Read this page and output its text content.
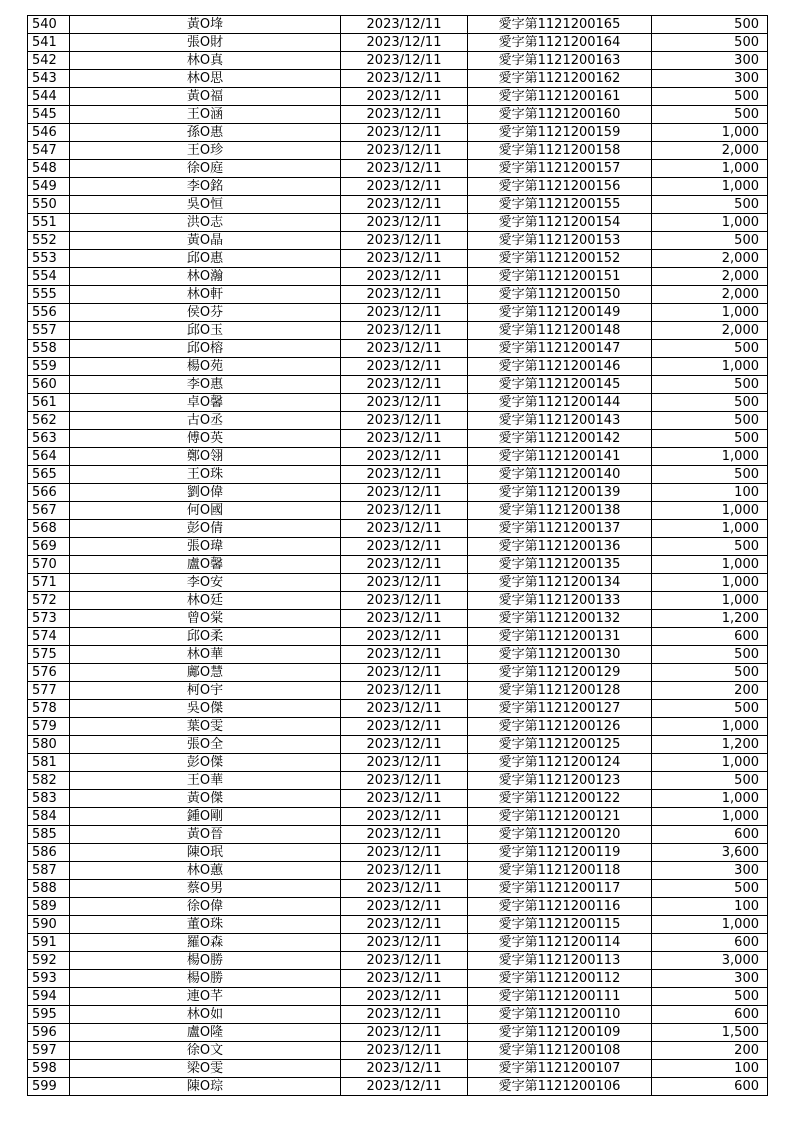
540	黃O埄	2023/12/11	愛字第1121200165	500
541	張O財	2023/12/11	愛字第1121200164	500
542	林O真	2023/12/11	愛字第1121200163	300
543	林O思	2023/12/11	愛字第1121200162	300
544	黃O福	2023/12/11	愛字第1121200161	500
545	王O涵	2023/12/11	愛字第1121200160	500
546	孫O惠	2023/12/11	愛字第1121200159	1,000
547	王O珍	2023/12/11	愛字第1121200158	2,000
548	徐O庭	2023/12/11	愛字第1121200157	1,000
549	李O銘	2023/12/11	愛字第1121200156	1,000
550	吳O恒	2023/12/11	愛字第1121200155	500
551	洪O志	2023/12/11	愛字第1121200154	1,000
552	黃O晶	2023/12/11	愛字第1121200153	500
553	邱O惠	2023/12/11	愛字第1121200152	2,000
554	林O瀚	2023/12/11	愛字第1121200151	2,000
555	林O軒	2023/12/11	愛字第1121200150	2,000
556	侯O芬	2023/12/11	愛字第1121200149	1,000
557	邱O玉	2023/12/11	愛字第1121200148	2,000
558	邱O榕	2023/12/11	愛字第1121200147	500
559	楊O苑	2023/12/11	愛字第1121200146	1,000
560	李O惠	2023/12/11	愛字第1121200145	500
561	卓O馨	2023/12/11	愛字第1121200144	500
562	古O丞	2023/12/11	愛字第1121200143	500
563	傅O英	2023/12/11	愛字第1121200142	500
564	鄭O翎	2023/12/11	愛字第1121200141	1,000
565	王O珠	2023/12/11	愛字第1121200140	500
566	劉O偉	2023/12/11	愛字第1121200139	100
567	何O國	2023/12/11	愛字第1121200138	1,000
568	彭O倩	2023/12/11	愛字第1121200137	1,000
569	張O瑋	2023/12/11	愛字第1121200136	500
570	盧O馨	2023/12/11	愛字第1121200135	1,000
571	李O安	2023/12/11	愛字第1121200134	1,000
572	林O廷	2023/12/11	愛字第1121200133	1,000
573	曾O棠	2023/12/11	愛字第1121200132	1,200
574	邱O柔	2023/12/11	愛字第1121200131	600
575	林O華	2023/12/11	愛字第1121200130	500
576	鄺O慧	2023/12/11	愛字第1121200129	500
577	柯O宇	2023/12/11	愛字第1121200128	200
578	吳O傑	2023/12/11	愛字第1121200127	500
579	葉O雯	2023/12/11	愛字第1121200126	1,000
580	張O全	2023/12/11	愛字第1121200125	1,200
581	彭O傑	2023/12/11	愛字第1121200124	1,000
582	王O華	2023/12/11	愛字第1121200123	500
583	黃O傑	2023/12/11	愛字第1121200122	1,000
584	鍾O剛	2023/12/11	愛字第1121200121	1,000
585	黃O晉	2023/12/11	愛字第1121200120	600
586	陳O珉	2023/12/11	愛字第1121200119	3,600
587	林O蕙	2023/12/11	愛字第1121200118	300
588	蔡O男	2023/12/11	愛字第1121200117	500
589	徐O偉	2023/12/11	愛字第1121200116	100
590	董O珠	2023/12/11	愛字第1121200115	1,000
591	羅O森	2023/12/11	愛字第1121200114	600
592	楊O勝	2023/12/11	愛字第1121200113	3,000
593	楊O勝	2023/12/11	愛字第1121200112	300
594	連O芊	2023/12/11	愛字第1121200111	500
595	林O如	2023/12/11	愛字第1121200110	600
596	盧O隆	2023/12/11	愛字第1121200109	1,500
597	徐O文	2023/12/11	愛字第1121200108	200
598	梁O雯	2023/12/11	愛字第1121200107	100
599	陳O琮	2023/12/11	愛字第1121200106	600
